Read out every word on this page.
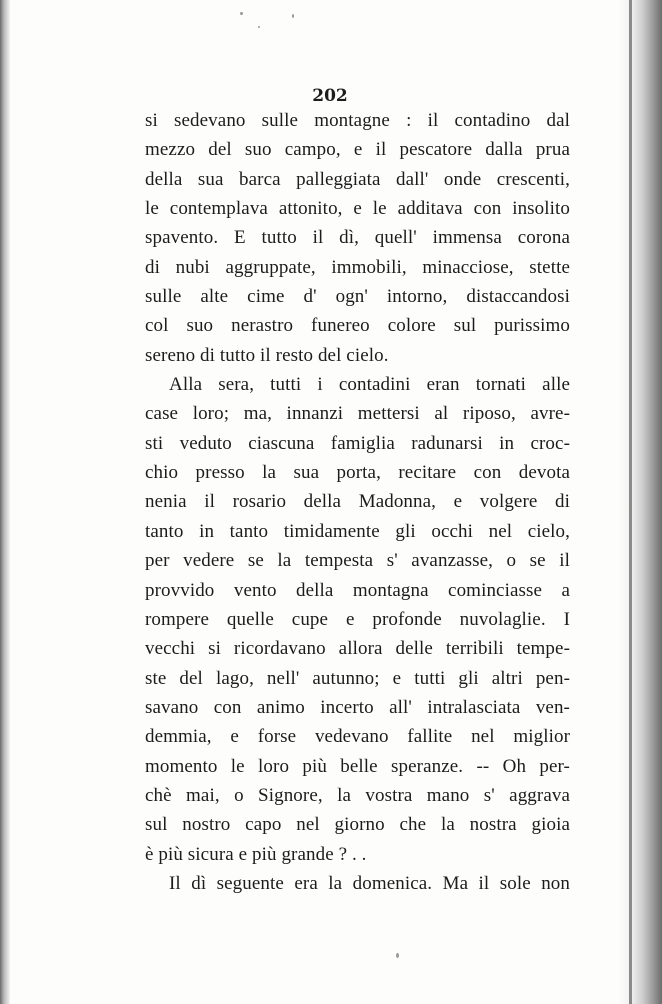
202
si sedevano sulle montagne : il contadino dal
mezzo del suo campo, e il pescatore dalla prua
della sua barca palleggiata dall' onde crescenti,
le contemplava attonito, e le additava con insolito
spavento. E tutto il dì, quell' immensa corona
di nubi aggruppate, immobili, minacciose, stette
sulle alte cime d' ogn' intorno, distaccandosi
col suo nerastro funereo colore sul purissimo
sereno di tutto il resto del cielo.
Alla sera, tutti i contadini eran tornati alle
case loro; ma, innanzi mettersi al riposo, avre-
sti veduto ciascuna famiglia radunarsi in croc-
chio presso la sua porta, recitare con devota
nenia il rosario della Madonna, e volgere di
tanto in tanto timidamente gli occhi nel cielo,
per vedere se la tempesta s' avanzasse, o se il
provvido vento della montagna cominciasse a
rompere quelle cupe e profonde nuvolaglie. I
vecchi si ricordavano allora delle terribili tempe-
ste del lago, nell' autunno; e tutti gli altri pen-
savano con animo incerto all' intralasciata ven-
demmia, e forse vedevano fallite nel miglior
momento le loro più belle speranze. -- Oh per-
chè mai, o Signore, la vostra mano s' aggrava
sul nostro capo nel giorno che la nostra gioia
è più sicura e più grande ? . .
Il dì seguente era la domenica. Ma il sole non
